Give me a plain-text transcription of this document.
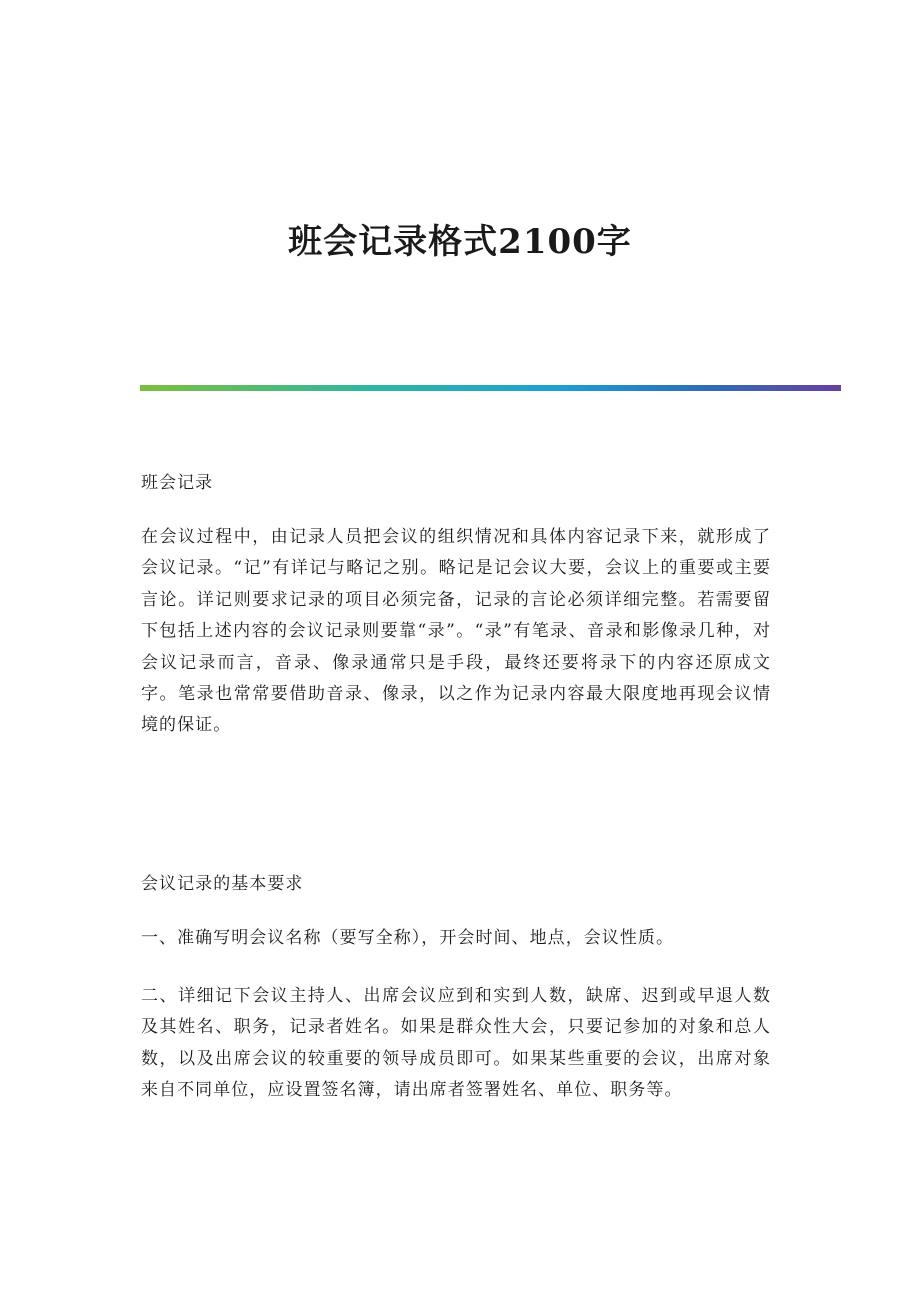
班会记录格式2100字

班会记录

在会议过程中，由记录人员把会议的组织情况和具体内容记录下来，就形成了会议记录。“记”有详记与略记之别。略记是记会议大要，会议上的重要或主要言论。详记则要求记录的项目必须完备，记录的言论必须详细完整。若需要留下包括上述内容的会议记录则要靠“录”。“录”有笔录、音录和影像录几种，对会议记录而言，音录、像录通常只是手段，最终还要将录下的内容还原成文字。笔录也常常要借助音录、像录，以之作为记录内容最大限度地再现会议情境的保证。

会议记录的基本要求

一、准确写明会议名称（要写全称），开会时间、地点，会议性质。

二、详细记下会议主持人、出席会议应到和实到人数，缺席、迟到或早退人数及其姓名、职务，记录者姓名。如果是群众性大会，只要记参加的对象和总人数，以及出席会议的较重要的领导成员即可。如果某些重要的会议，出席对象来自不同单位，应设置签名簿，请出席者签署姓名、单位、职务等。
